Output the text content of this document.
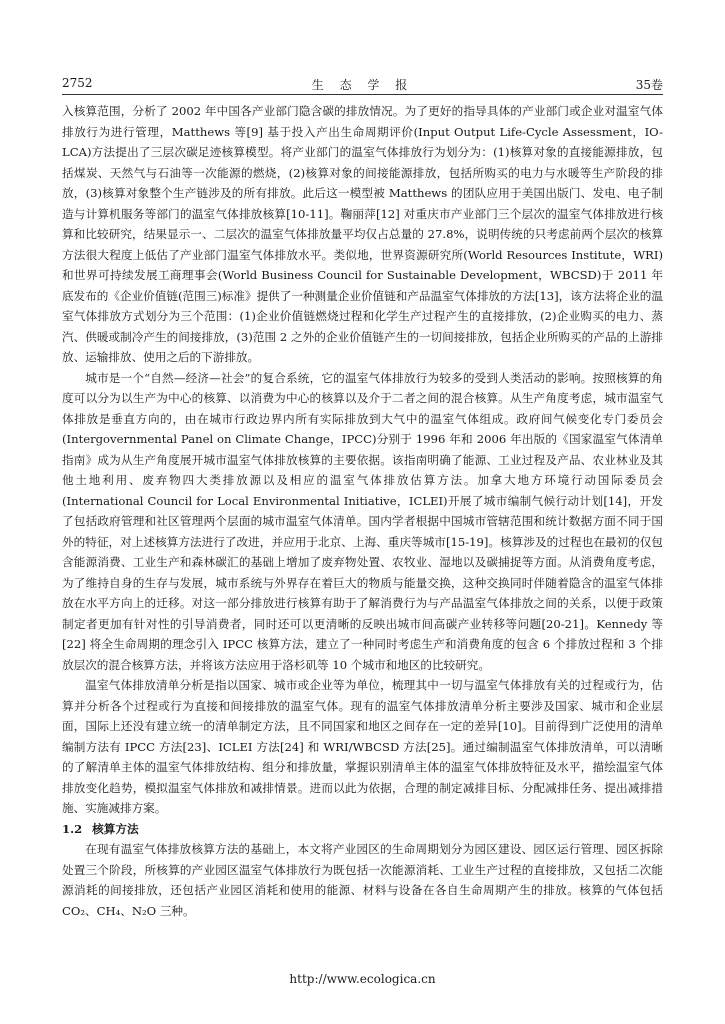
2752	生 态 学 报	35卷

入核算范围，分析了 2002 年中国各产业部门隐含碳的排放情况。为了更好的指导具体的产业部门或企业对温室气体排放行为进行管理，Matthews 等[9] 基于投入产出生命周期评价(Input Output Life-Cycle Assessment，IO-LCA)方法提出了三层次碳足迹核算模型。将产业部门的温室气体排放行为划分为：(1)核算对象的直接能源排放，包括煤炭、天然气与石油等一次能源的燃烧，(2)核算对象的间接能源排放，包括所购买的电力与水暖等生产阶段的排放，(3)核算对象整个生产链涉及的所有排放。此后这一模型被 Matthews 的团队应用于美国出版门、发电、电子制造与计算机服务等部门的温室气体排放核算[10-11]。鞠丽萍[12] 对重庆市产业部门三个层次的温室气体排放进行核算和比较研究，结果显示一、二层次的温室气体排放量平均仅占总量的 27.8%，说明传统的只考虑前两个层次的核算方法很大程度上低估了产业部门温室气体排放水平。类似地，世界资源研究所(World Resources Institute，WRI)和世界可持续发展工商理事会(World Business Council for Sustainable Development，WBCSD)于 2011 年底发布的《企业价值链(范围三)标准》提供了一种测量企业价值链和产品温室气体排放的方法[13]，该方法将企业的温室气体排放方式划分为三个范围：(1)企业价值链燃烧过程和化学生产过程产生的直接排放，(2)企业购买的电力、蒸汽、供暖或制冷产生的间接排放，(3)范围 2 之外的企业价值链产生的一切间接排放，包括企业所购买的产品的上游排放、运输排放、使用之后的下游排放。

城市是一个“自然—经济—社会”的复合系统，它的温室气体排放行为较多的受到人类活动的影响。按照核算的角度可以分为以生产为中心的核算、以消费为中心的核算以及介于二者之间的混合核算。从生产角度考虑，城市温室气体排放是垂直方向的，由在城市行政边界内所有实际排放到大气中的温室气体组成。政府间气候变化专门委员会(Intergovernmental Panel on Climate Change，IPCC)分别于 1996 年和 2006 年出版的《国家温室气体清单指南》成为从生产角度展开城市温室气体排放核算的主要依据。该指南明确了能源、工业过程及产品、农业林业及其他土地利用、废弃物四大类排放源以及相应的温室气体排放估算方法。加拿大地方环境行动国际委员会(International Council for Local Environmental Initiative，ICLEI)开展了城市编制气候行动计划[14]，开发了包括政府管理和社区管理两个层面的城市温室气体清单。国内学者根据中国城市管辖范围和统计数据方面不同于国外的特征，对上述核算方法进行了改进，并应用于北京、上海、重庆等城市[15-19]。核算涉及的过程也在最初的仅包含能源消费、工业生产和森林碳汇的基础上增加了废弃物处置、农牧业、湿地以及碳捕捉等方面。从消费角度考虑，为了维持自身的生存与发展，城市系统与外界存在着巨大的物质与能量交换，这种交换同时伴随着隐含的温室气体排放在水平方向上的迁移。对这一部分排放进行核算有助于了解消费行为与产品温室气体排放之间的关系，以便于政策制定者更加有针对性的引导消费者，同时还可以更清晰的反映出城市间高碳产业转移等问题[20-21]。Kennedy 等[22] 将全生命周期的理念引入 IPCC 核算方法，建立了一种同时考虑生产和消费角度的包含 6 个排放过程和 3 个排放层次的混合核算方法，并将该方法应用于洛杉矶等 10 个城市和地区的比较研究。

温室气体排放清单分析是指以国家、城市或企业等为单位，梳理其中一切与温室气体排放有关的过程或行为，估算并分析各个过程或行为直接和间接排放的温室气体。现有的温室气体排放清单分析主要涉及国家、城市和企业层面，国际上还没有建立统一的清单制定方法，且不同国家和地区之间存在一定的差异[10]。目前得到广泛使用的清单编制方法有 IPCC 方法[23]、ICLEI 方法[24] 和 WRI/WBCSD 方法[25]。通过编制温室气体排放清单，可以清晰的了解清单主体的温室气体排放结构、组分和排放量，掌握识别清单主体的温室气体排放特征及水平，描绘温室气体排放变化趋势，模拟温室气体排放和减排情景。进而以此为依据，合理的制定减排目标、分配减排任务、提出减排措施、实施减排方案。

1.2 核算方法

在现有温室气体排放核算方法的基础上，本文将产业园区的生命周期划分为园区建设、园区运行管理、园区拆除处置三个阶段，所核算的产业园区温室气体排放行为既包括一次能源消耗、工业生产过程的直接排放，又包括二次能源消耗的间接排放，还包括产业园区消耗和使用的能源、材料与设备在各自生命周期产生的排放。核算的气体包括 CO₂、CH₄、N₂O 三种。

http://www.ecologica.cn
